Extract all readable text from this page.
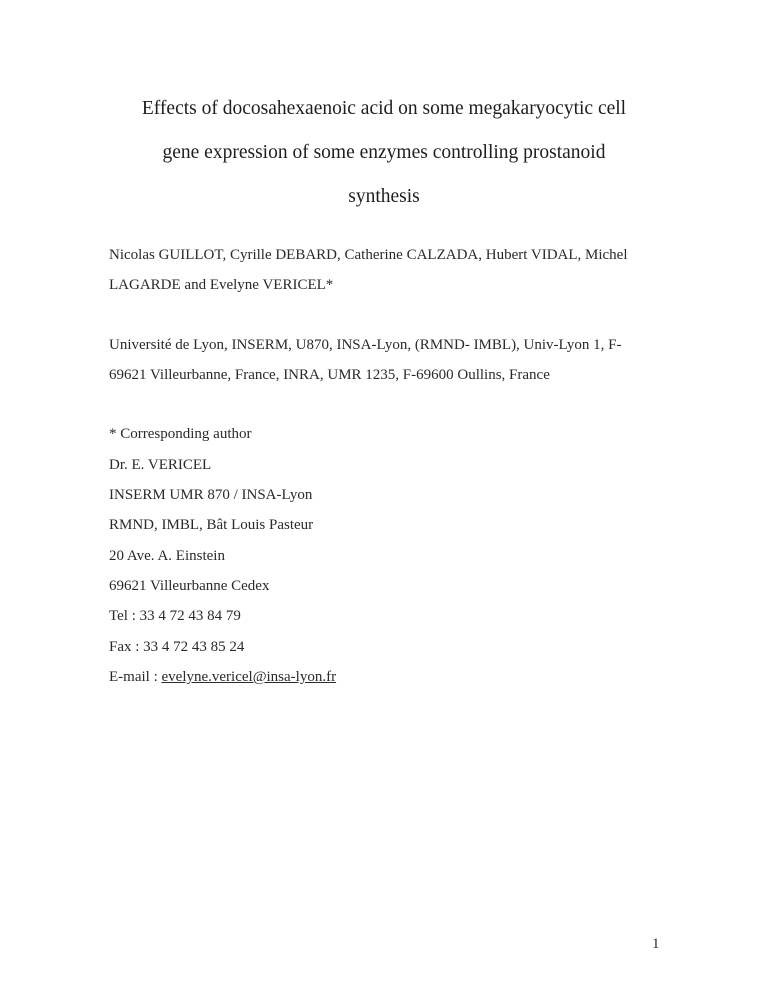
Effects of docosahexaenoic acid on some megakaryocytic cell
gene expression of some enzymes controlling prostanoid
synthesis
Nicolas GUILLOT, Cyrille DEBARD, Catherine CALZADA, Hubert VIDAL, Michel
LAGARDE and Evelyne VERICEL*
Université de Lyon, INSERM, U870, INSA-Lyon, (RMND- IMBL), Univ-Lyon 1, F-
69621 Villeurbanne, France, INRA, UMR 1235, F-69600 Oullins, France
* Corresponding author
Dr. E. VERICEL
INSERM UMR 870 / INSA-Lyon
RMND, IMBL, Bât Louis Pasteur
20 Ave. A. Einstein
69621 Villeurbanne Cedex
Tel : 33 4 72 43 84 79
Fax : 33 4 72 43 85 24
E-mail : evelyne.vericel@insa-lyon.fr
1
